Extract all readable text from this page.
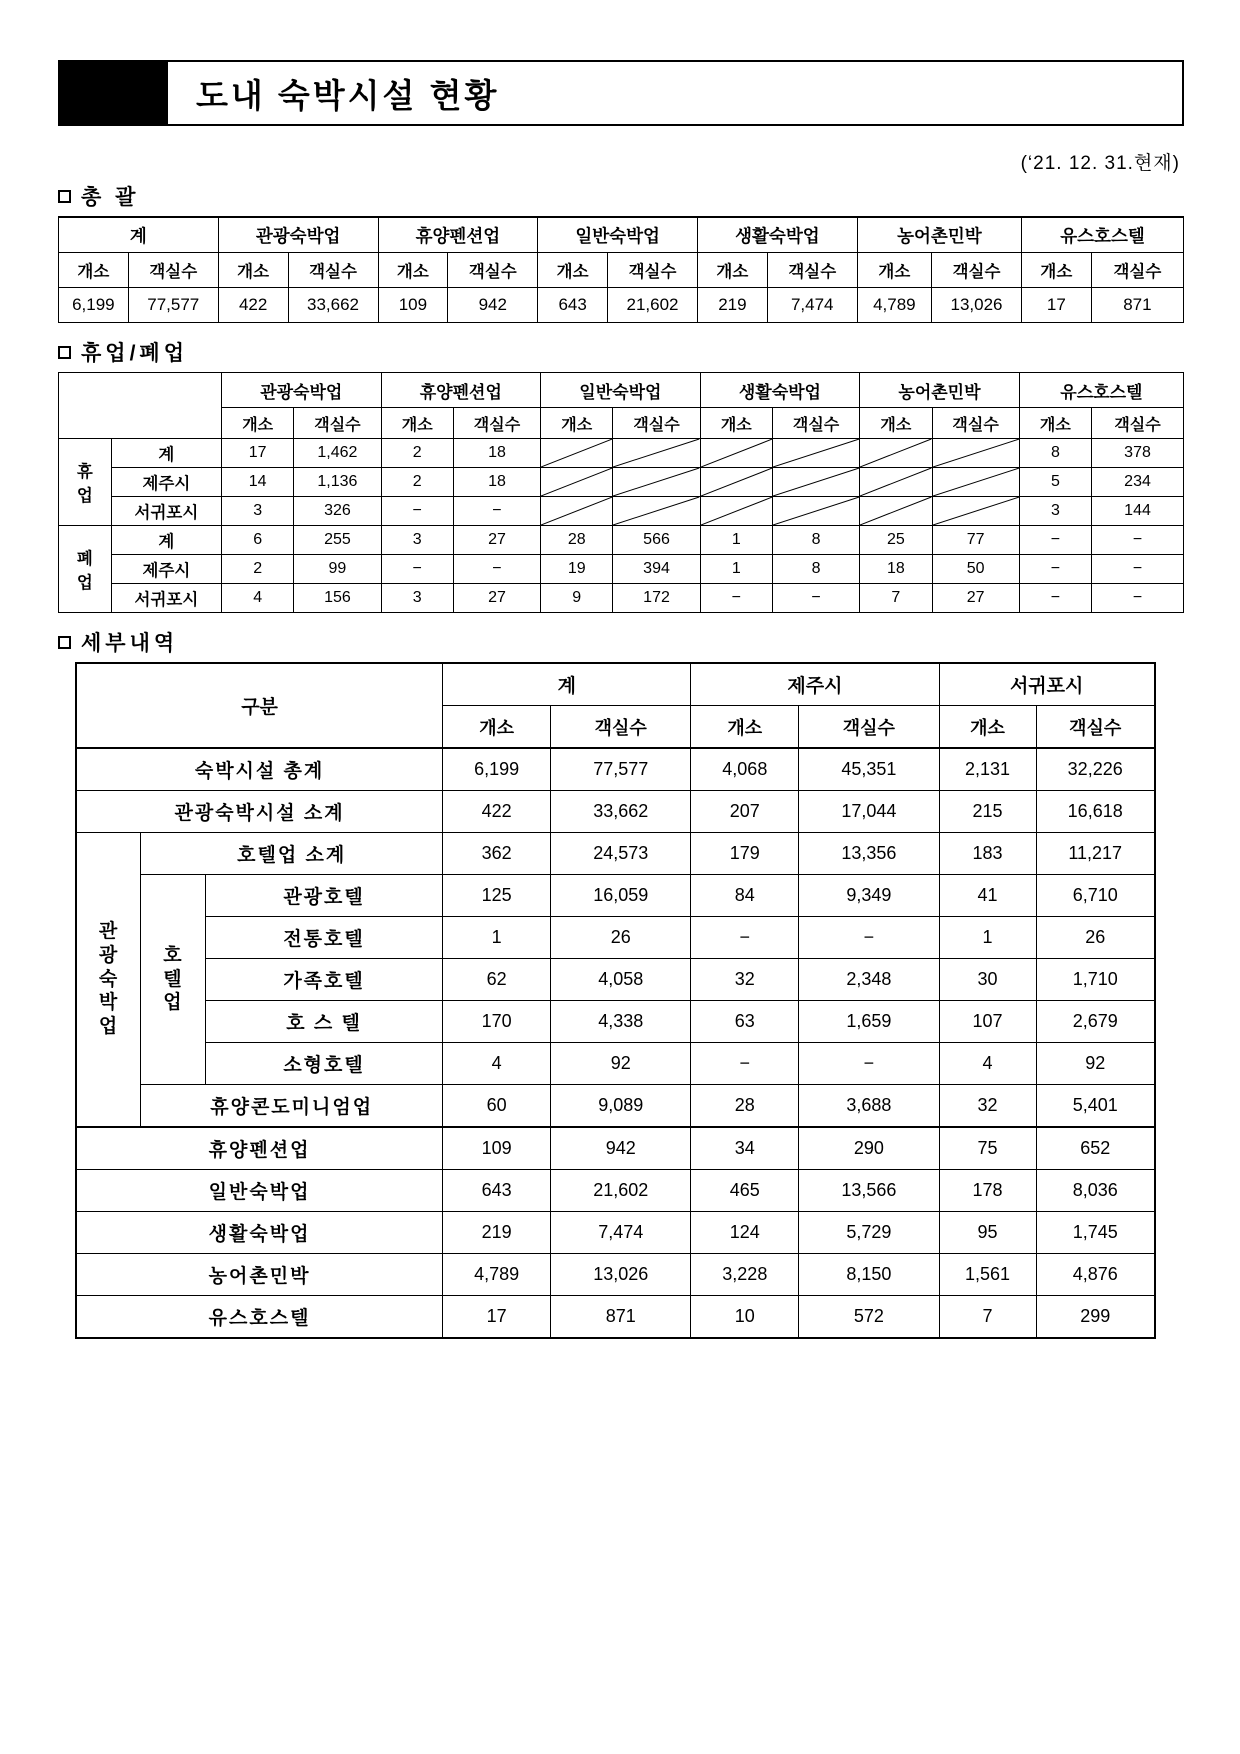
도내 숙박시설 현황
(‘21. 12. 31.현재)
총 괄
계		관광숙박업		휴양펜션업		일반숙박업		생활숙박업		농어촌민박		유스호스텔	
개소	객실수	개소	객실수	개소	객실수	개소	객실수	개소	객실수	개소	객실수	개소	객실수
6,199	77,577	422	33,662	109	942	643	21,602	219	7,474	4,789	13,026	17	871
휴업/폐업
		관광숙박업		휴양펜션업		일반숙박업		생활숙박업		농어촌민박		유스호스텔	
		개소	객실수	개소	객실수	개소	객실수	개소	객실수	개소	객실수	개소	객실수
휴
업	계	17	1,462	2	18							8	378
	제주시	14	1,136	2	18							5	234
	서귀포시	3	326	−	−							3	144
폐
업	계	6	255	3	27	28	566	1	8	25	77	−	−
	제주시	2	99	−	−	19	394	1	8	18	50	−	−
	서귀포시	4	156	3	27	9	172	−	−	7	27	−	−
세부내역
구분			계		제주시		서귀포시	
			개소	객실수	개소	객실수	개소	객실수
숙박시설 총계			6,199	77,577	4,068	45,351	2,131	32,226
관광숙박시설 소계			422	33,662	207	17,044	215	16,618

관
광
숙
박
업	호텔업 소계		362	24,573	179	13,356	183	11,217

	호
텔
업	관광호텔	125	16,059	84	9,349	41	6,710
		전통호텔	1	26	−	−	1	26
		가족호텔	62	4,058	32	2,348	30	1,710
		호 스 텔	170	4,338	63	1,659	107	2,679
		소형호텔	4	92	−	−	4	92
	휴양콘도미니엄업		60	9,089	28	3,688	32	5,401
휴양펜션업			109	942	34	290	75	652
일반숙박업			643	21,602	465	13,566	178	8,036
생활숙박업			219	7,474	124	5,729	95	1,745
농어촌민박			4,789	13,026	3,228	8,150	1,561	4,876
유스호스텔			17	871	10	572	7	299
